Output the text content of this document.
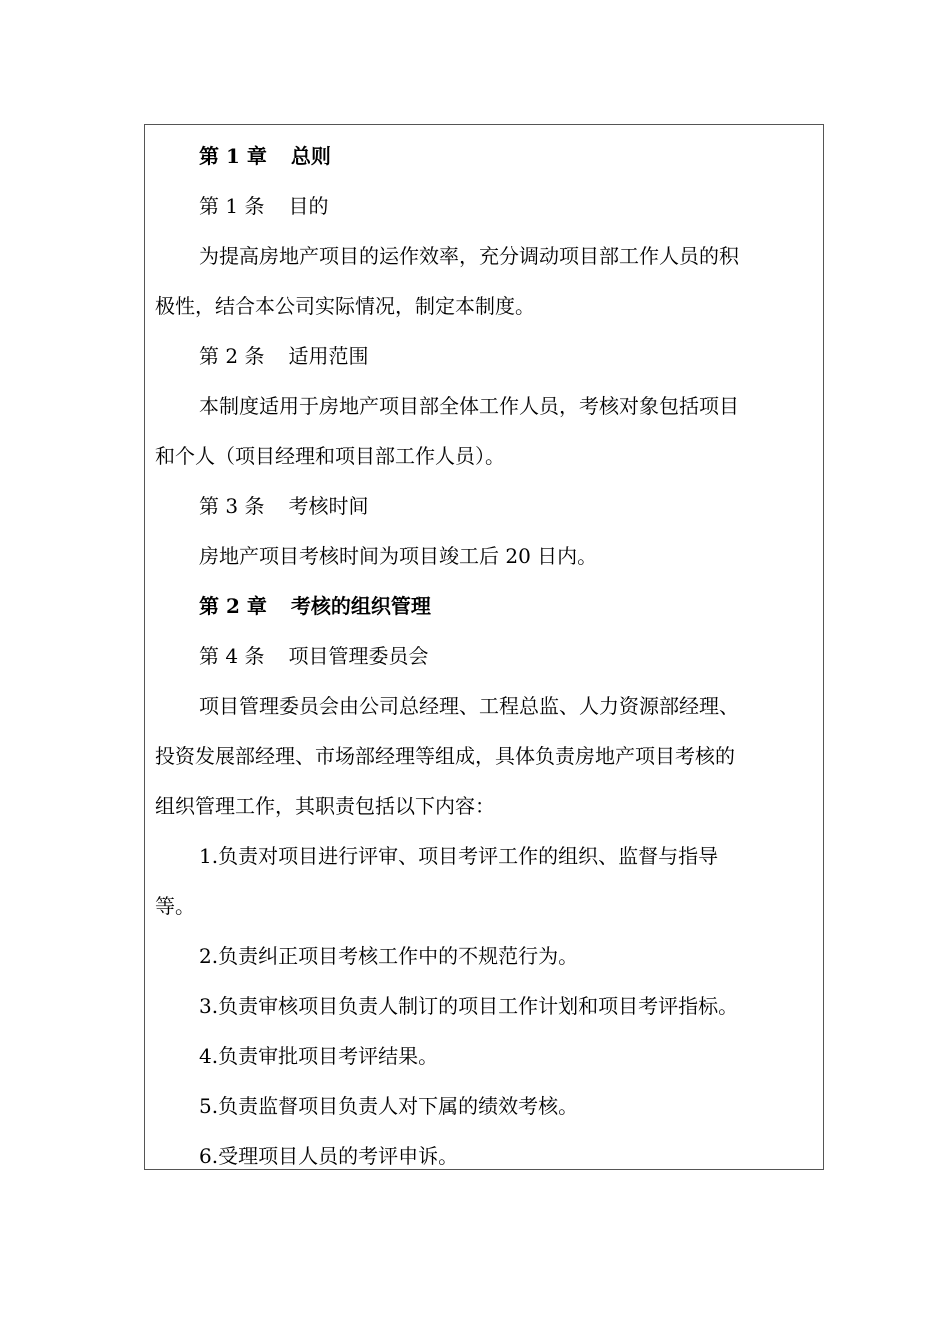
第 1 章 总则
第 1 条 目的
为提高房地产项目的运作效率，充分调动项目部工作人员的积
极性，结合本公司实际情况，制定本制度。
第 2 条 适用范围
本制度适用于房地产项目部全体工作人员，考核对象包括项目
和个人（项目经理和项目部工作人员）。
第 3 条 考核时间
房地产项目考核时间为项目竣工后 20 日内。
第 2 章 考核的组织管理
第 4 条 项目管理委员会
项目管理委员会由公司总经理、工程总监、人力资源部经理、
投资发展部经理、市场部经理等组成，具体负责房地产项目考核的
组织管理工作，其职责包括以下内容：
1.负责对项目进行评审、项目考评工作的组织、监督与指导
等。
2.负责纠正项目考核工作中的不规范行为。
3.负责审核项目负责人制订的项目工作计划和项目考评指标。
4.负责审批项目考评结果。
5.负责监督项目负责人对下属的绩效考核。
6.受理项目人员的考评申诉。
